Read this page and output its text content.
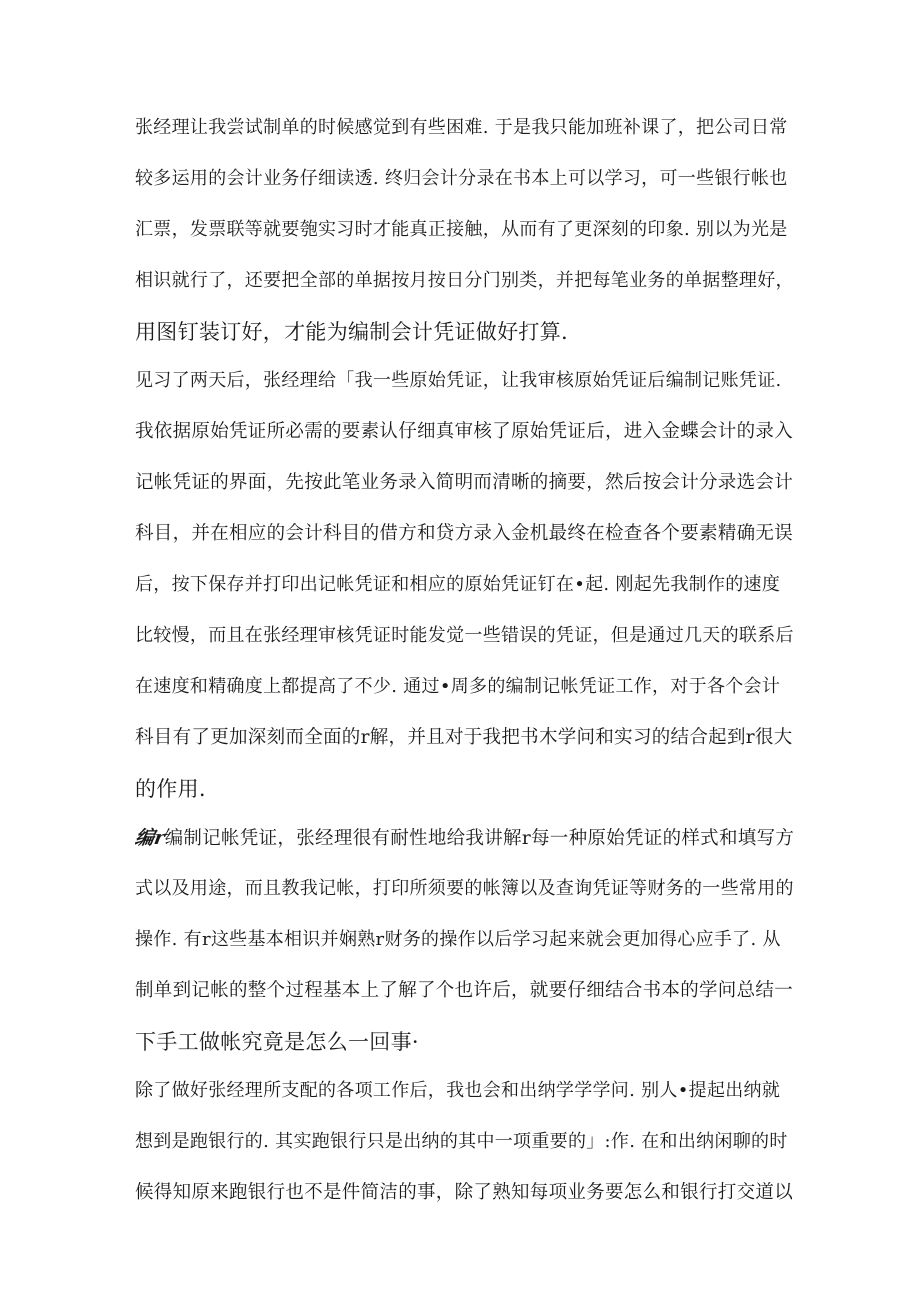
张经理让我尝试制单的时候感觉到有些困难. 于是我只能加班补课了，把公司日常
较多运用的会计业务仔细读透. 终归会计分录在书本上可以学习，可一些银行帐也
汇票，发票联等就要匏实习时才能真正接触，从而有了更深刻的印象. 别以为光是
相识就行了，还要把全部的单据按月按日分门别类，并把每笔业务的单据整理好，
用图钉装订好，才能为编制会计凭证做好打算.
见习了两天后，张经理给「我一些原始凭证，让我审核原始凭证后编制记账凭证.
我依据原始凭证所必需的要素认仔细真审核了原始凭证后，进入金蝶会计的录入
记帐凭证的界面，先按此笔业务录入简明而清晰的摘要，然后按会计分录选会计
科目，并在相应的会计科目的借方和贷方录入金机最终在检查各个要素精确无误
后，按下保存并打印出记帐凭证和相应的原始凭证钉在•起. 刚起先我制作的速度
比较慢，而且在张经理审核凭证时能发觉一些错误的凭证，但是通过几天的联系后
在速度和精确度上都提高了不少. 通过•周多的编制记帐凭证工作，对于各个会计
科目有了更加深刻而全面的r解，并且对于我把书木学问和实习的结合起到r很大
的作用.
编r编制记帐凭证，张经理很有耐性地给我讲解r每一种原始凭证的样式和填写方
式以及用途，而且教我记帐，打印所须要的帐簿以及查询凭证等财务的一些常用的
操作. 有r这些基本相识并娴熟r财务的操作以后学习起来就会更加得心应手了. 从
制单到记帐的整个过程基本上了解了个也许后，就要仔细结合书本的学问总结一
下手工做帐究竟是怎么一回事·
除了做好张经理所支配的各项工作后，我也会和出纳学学学问. 别人•提起出纳就
想到是跑银行的. 其实跑银行只是出纳的其中一项重要的」:作. 在和出纳闲聊的时
候得知原来跑银行也不是件简洁的事，除了熟知每项业务要怎么和银行打交道以
